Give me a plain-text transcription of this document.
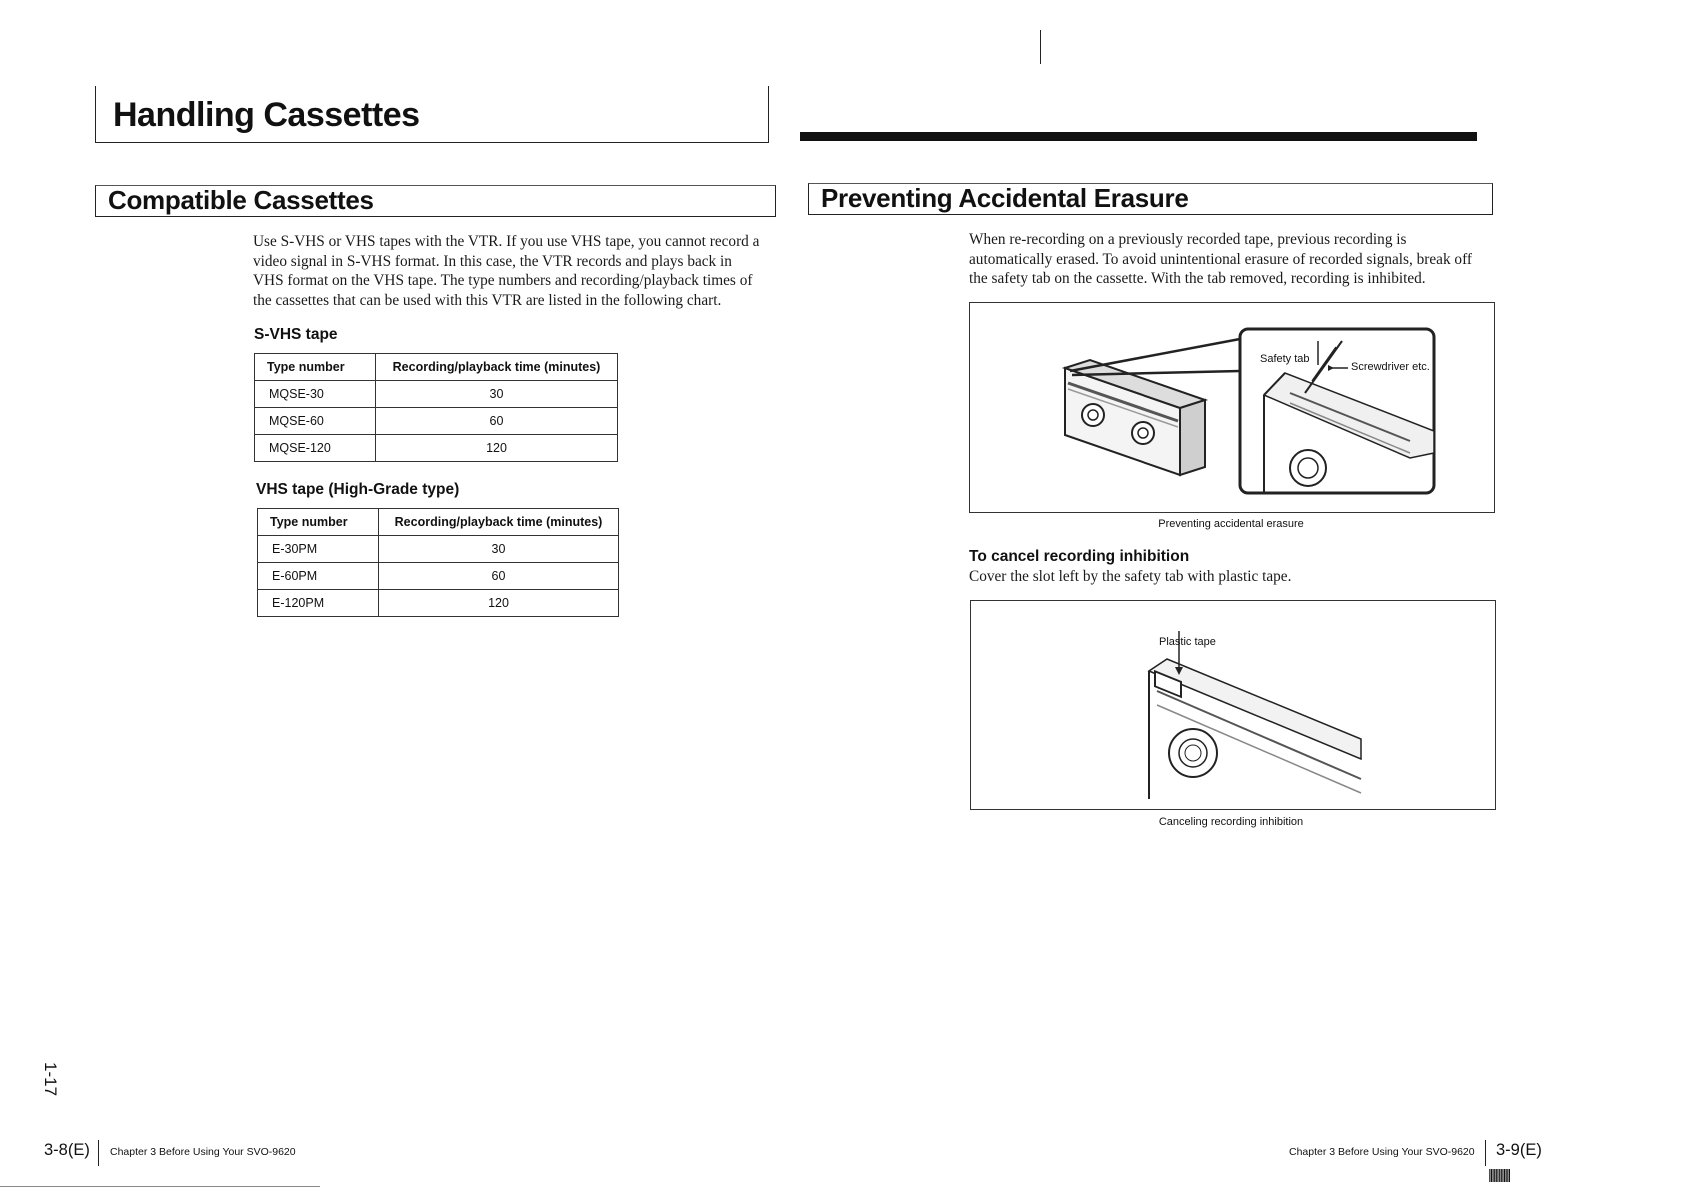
Handling Cassettes
Compatible Cassettes
Use S-VHS or VHS tapes with the VTR. If you use VHS tape, you cannot record a
video signal in S-VHS format. In this case, the VTR records and plays back in
VHS format on the VHS tape. The type numbers and recording/playback times of
the cassettes that can be used with this VTR are listed in the following chart.
S-VHS tape
Type number	Recording/playback time (minutes)
MQSE-30	30
MQSE-60	60
MQSE-120	120
VHS tape (High-Grade type)
Type number	Recording/playback time (minutes)
E-30PM	30
E-60PM	60
E-120PM	120
1-17
3-8(E) Chapter 3 Before Using Your SVO-9620
Preventing Accidental Erasure
When re-recording on a previously recorded tape, previous recording is
automatically erased. To avoid unintentional erasure of recorded signals, break off
the safety tab on the cassette. With the tab removed, recording is inhibited.
Safety tab
Screwdriver etc.
Preventing accidental erasure
To cancel recording inhibition
Cover the slot left by the safety tab with plastic tape.
Plastic tape
Canceling recording inhibition
Chapter 3 Before Using Your SVO-9620 3-9(E)
|||||||||||||
